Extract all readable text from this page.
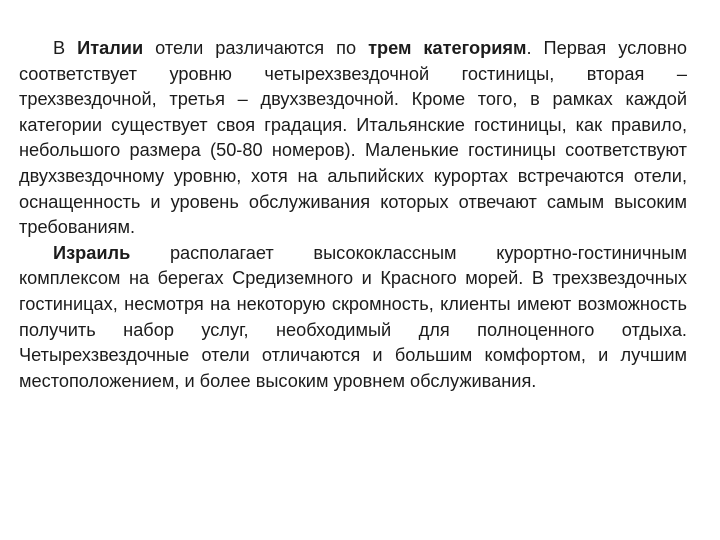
В Италии отели различаются по трем категориям. Первая условно соответствует уровню четырехзвездочной гостиницы, вторая – трехзвездочной, третья – двухзвездочной. Кроме того, в рамках каждой категории существует своя градация. Итальянские гостиницы, как правило, небольшого размера (50‑80 номеров). Маленькие гостиницы соответствуют двухзвездочному уровню, хотя на альпийских курортах встречаются отели, оснащенность и уровень обслуживания которых отвечают самым высоким требованиям.

Израиль располагает высококлассным курортно‑гостиничным комплексом на берегах Средиземного и Красного морей. В трехзвездочных гостиницах, несмотря на некоторую скромность, клиенты имеют возможность получить набор услуг, необходимый для полноценного отдыха. Четырехзвездочные отели отличаются и большим комфортом, и лучшим местоположением, и более высоким уровнем обслуживания.
